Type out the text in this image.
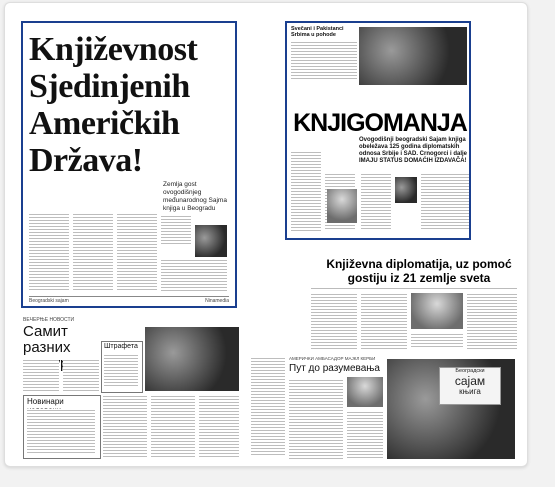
Književnost
Sjedinjenih
Američkih
Država!
Zemlja gost ovogodišnjeg međunarodnog Sajma knjiga u Beogradu
Beogradski sajam	Ninamedia
Svečani i Pakistanci Srbima u pohode
KNJIGOMANJA
Ovogodišnji beogradski Sajam knjiga obeležava 125 godina diplomatskih odnosa Srbije i SAD. Crnogorci i dalje IMAJU STATUS DOMAĆIH IZDAVAČA!
Književna diplomatija, uz pomoć gostiju iz 21 zemlje sveta
ВЕЧЕРЊЕ НОВОСТИ
Самит разних	Штрафета
Новинари
АМЕРИЧКИ АМБАСАДОР МАЈКЛ КЕРБИ
Пут до разумевања	Београдски
сајам
књига
